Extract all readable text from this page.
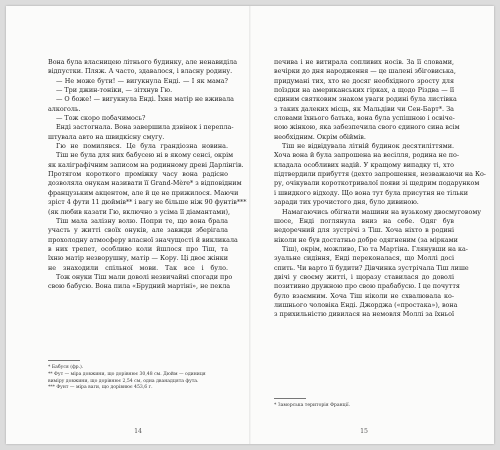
Вона була власницею літнього будинку, але ненавиділа
відпустки. Пляж. А часто, здавалося, і власну родину.
— Не може бути! — вигукнула Енді. — І як мама?
— Три джин-тоніки, — зітхнув Гю.
— О боже! — вигукнула Енді. Їхня матір не вживала
алкоголь.
— Тож скоро побачимось?
Енді застогнала. Вона завершила дзвінок і перепла-
штувала авто на швидкісну смугу.
Гю не помилявся. Це була грандіозна новина.
Тіш не була для них бабусею ні в якому сенсі, окрім
як каліграфічним записом на родинному древі Дарлінгів.
Протягом короткого проміжку часу вона радісно
дозволяла онукам називати її Grand-Mère* з відповідним
французьким акцентом, але й це не прижилося. Маючи
зріст 4 фути 11 дюймів** і вагу не більше ніж 90 фунтів***
(як любив казати Гю, включно з усіма її діамантами),
Тіш мала залізну волю. Попри те, що вона брала
участь у житті своїх онуків, але завжди зберігала
прохолодну атмосферу власної значущості й викликала
в них трепет, особливо коли йшлося про Тіш, та
їхню матір незворушну, матір — Кору. Ці двоє жінки
не знаходили спільної мови. Так все і було.
Тож онуки Тіш мали доволі незвичайні спогади про
свою бабусю. Вона пила «Брудний мартіні», не пекла
* Бабуся (фр.).
** Фут — міра довжини, що дорівнює 30,48 см. Дюйм — одиниця
виміру довжини, що дорівнює 2,54 см, одна дванадцята фута.
*** Фунт — міра ваги, що дорівнює 453,6 г.
14
печива і не витирала сопливих носів. За її словами,
вечірки до дня народження — це шалені збіговиська,
придумані тих, хто не досяг необхідного зросту для
поїздки на американських гірках, а щодо Різдва — її
єдиним святковим знаком уваги родині була листівка
з таких далеких місць, як Мальдіви чи Сен-Барт*. За
словами їхнього батька, вона була успішною і освіче-
ною жінкою, яка забезпечила свого єдиного сина всім
необхідним. Окрім обіймів.
Тіш не відвідувала літній будинок десятиліттями.
Хоча вона й була запрошена на весілля, родина не по-
кладала особливих надій. У кращому випадку ті, хто
підтвердили прибуття (дехто запрошення, незважаючи на Ко-
ру, очікували короткотривалої появи зі щедрим подарунком
і швидкого відходу. Що вона тут була присутня не тільки
заради тих урочистого дня, було дивиною.
Намагаючись обігнати машини на вузькому двосмуговому
шосе, Енді поглянула вниз на себе. Одяг був
недоречний для зустрічі з Тіш. Хоча ніхто в родині
ніколи не був достатньо добре одягненим (за мірками
Тіш), окрім, можливо, Гю та Мартіна. Глянувши на ка-
зуальне сидіння, Енді переконалася, що Моллі досі
спить. Чи варто її будити? Дівчинка зустрічала Тіш лише
двічі у своєму житті, і щоразу ставилася до доволі
позитивно дружною про свою прабабусю. І це почуття
було взаємним. Хоча Тіш ніколи не схвалювала ко-
лишнього чоловіка Енді. Джорджа («простака»), вона
з прихильністю дивилася на немовля Моллі за їхньої
* Заморська територія Франції.
15
